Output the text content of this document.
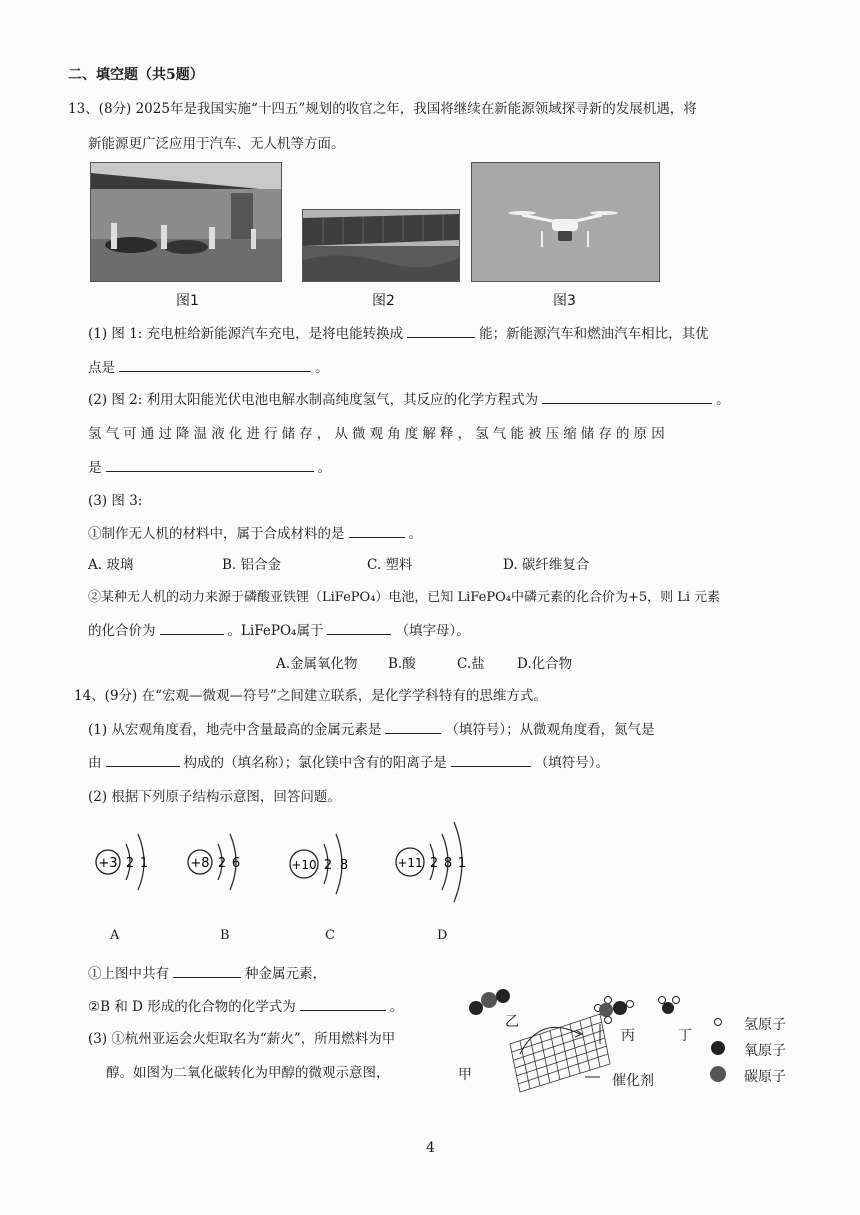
二、填空题（共5题）
13、(8分) 2025年是我国实施“十四五”规划的收官之年，我国将继续在新能源领域探寻新的发展机遇，将
新能源更广泛应用于汽车、无人机等方面。
图1	图2	图3
(1) 图 1: 充电桩给新能源汽车充电，是将电能转换成	能；新能源汽车和燃油汽车相比，其优
点是	。
(2) 图 2: 利用太阳能光伏电池电解水制高纯度氢气，其反应的化学方程式为	。
氢气可通过降温液化进行储存，从微观角度解释，氢气能被压缩储存的原因
是	。
(3) 图 3:
①制作无人机的材料中，属于合成材料的是	。
A. 玻璃	B. 铝合金	C. 塑料	D. 碳纤维复合
②某种无人机的动力来源于磷酸亚铁锂（LiFePO₄）电池，已知 LiFePO₄中磷元素的化合价为+5，则 Li 元素
的化合价为	。LiFePO₄属于	（填字母）。
A.金属氧化物 B.酸	C.盐 D.化合物
14、(9分) 在“宏观—微观—符号”之间建立联系，是化学学科特有的思维方式。
(1) 从宏观角度看，地壳中含量最高的金属元素是	（填符号）；从微观角度看，氮气是
由	构成的（填名称）；氯化镁中含有的阳离子是	（填符号）。
(2) 根据下列原子结构示意图，回答问题。
+3 2 1	+8 2 6	+10 2 8	+11 2 8 1
A	B	C	D
①上图中共有	种金属元素，
②B 和 D 形成的化合物的化学式为	。
(3) ①杭州亚运会火炬取名为“薪火”，所用燃料为甲
醇。如图为二氧化碳转化为甲醇的微观示意图，	甲
乙
丙	丁
催化剂
氢原子
氧原子
碳原子
4
